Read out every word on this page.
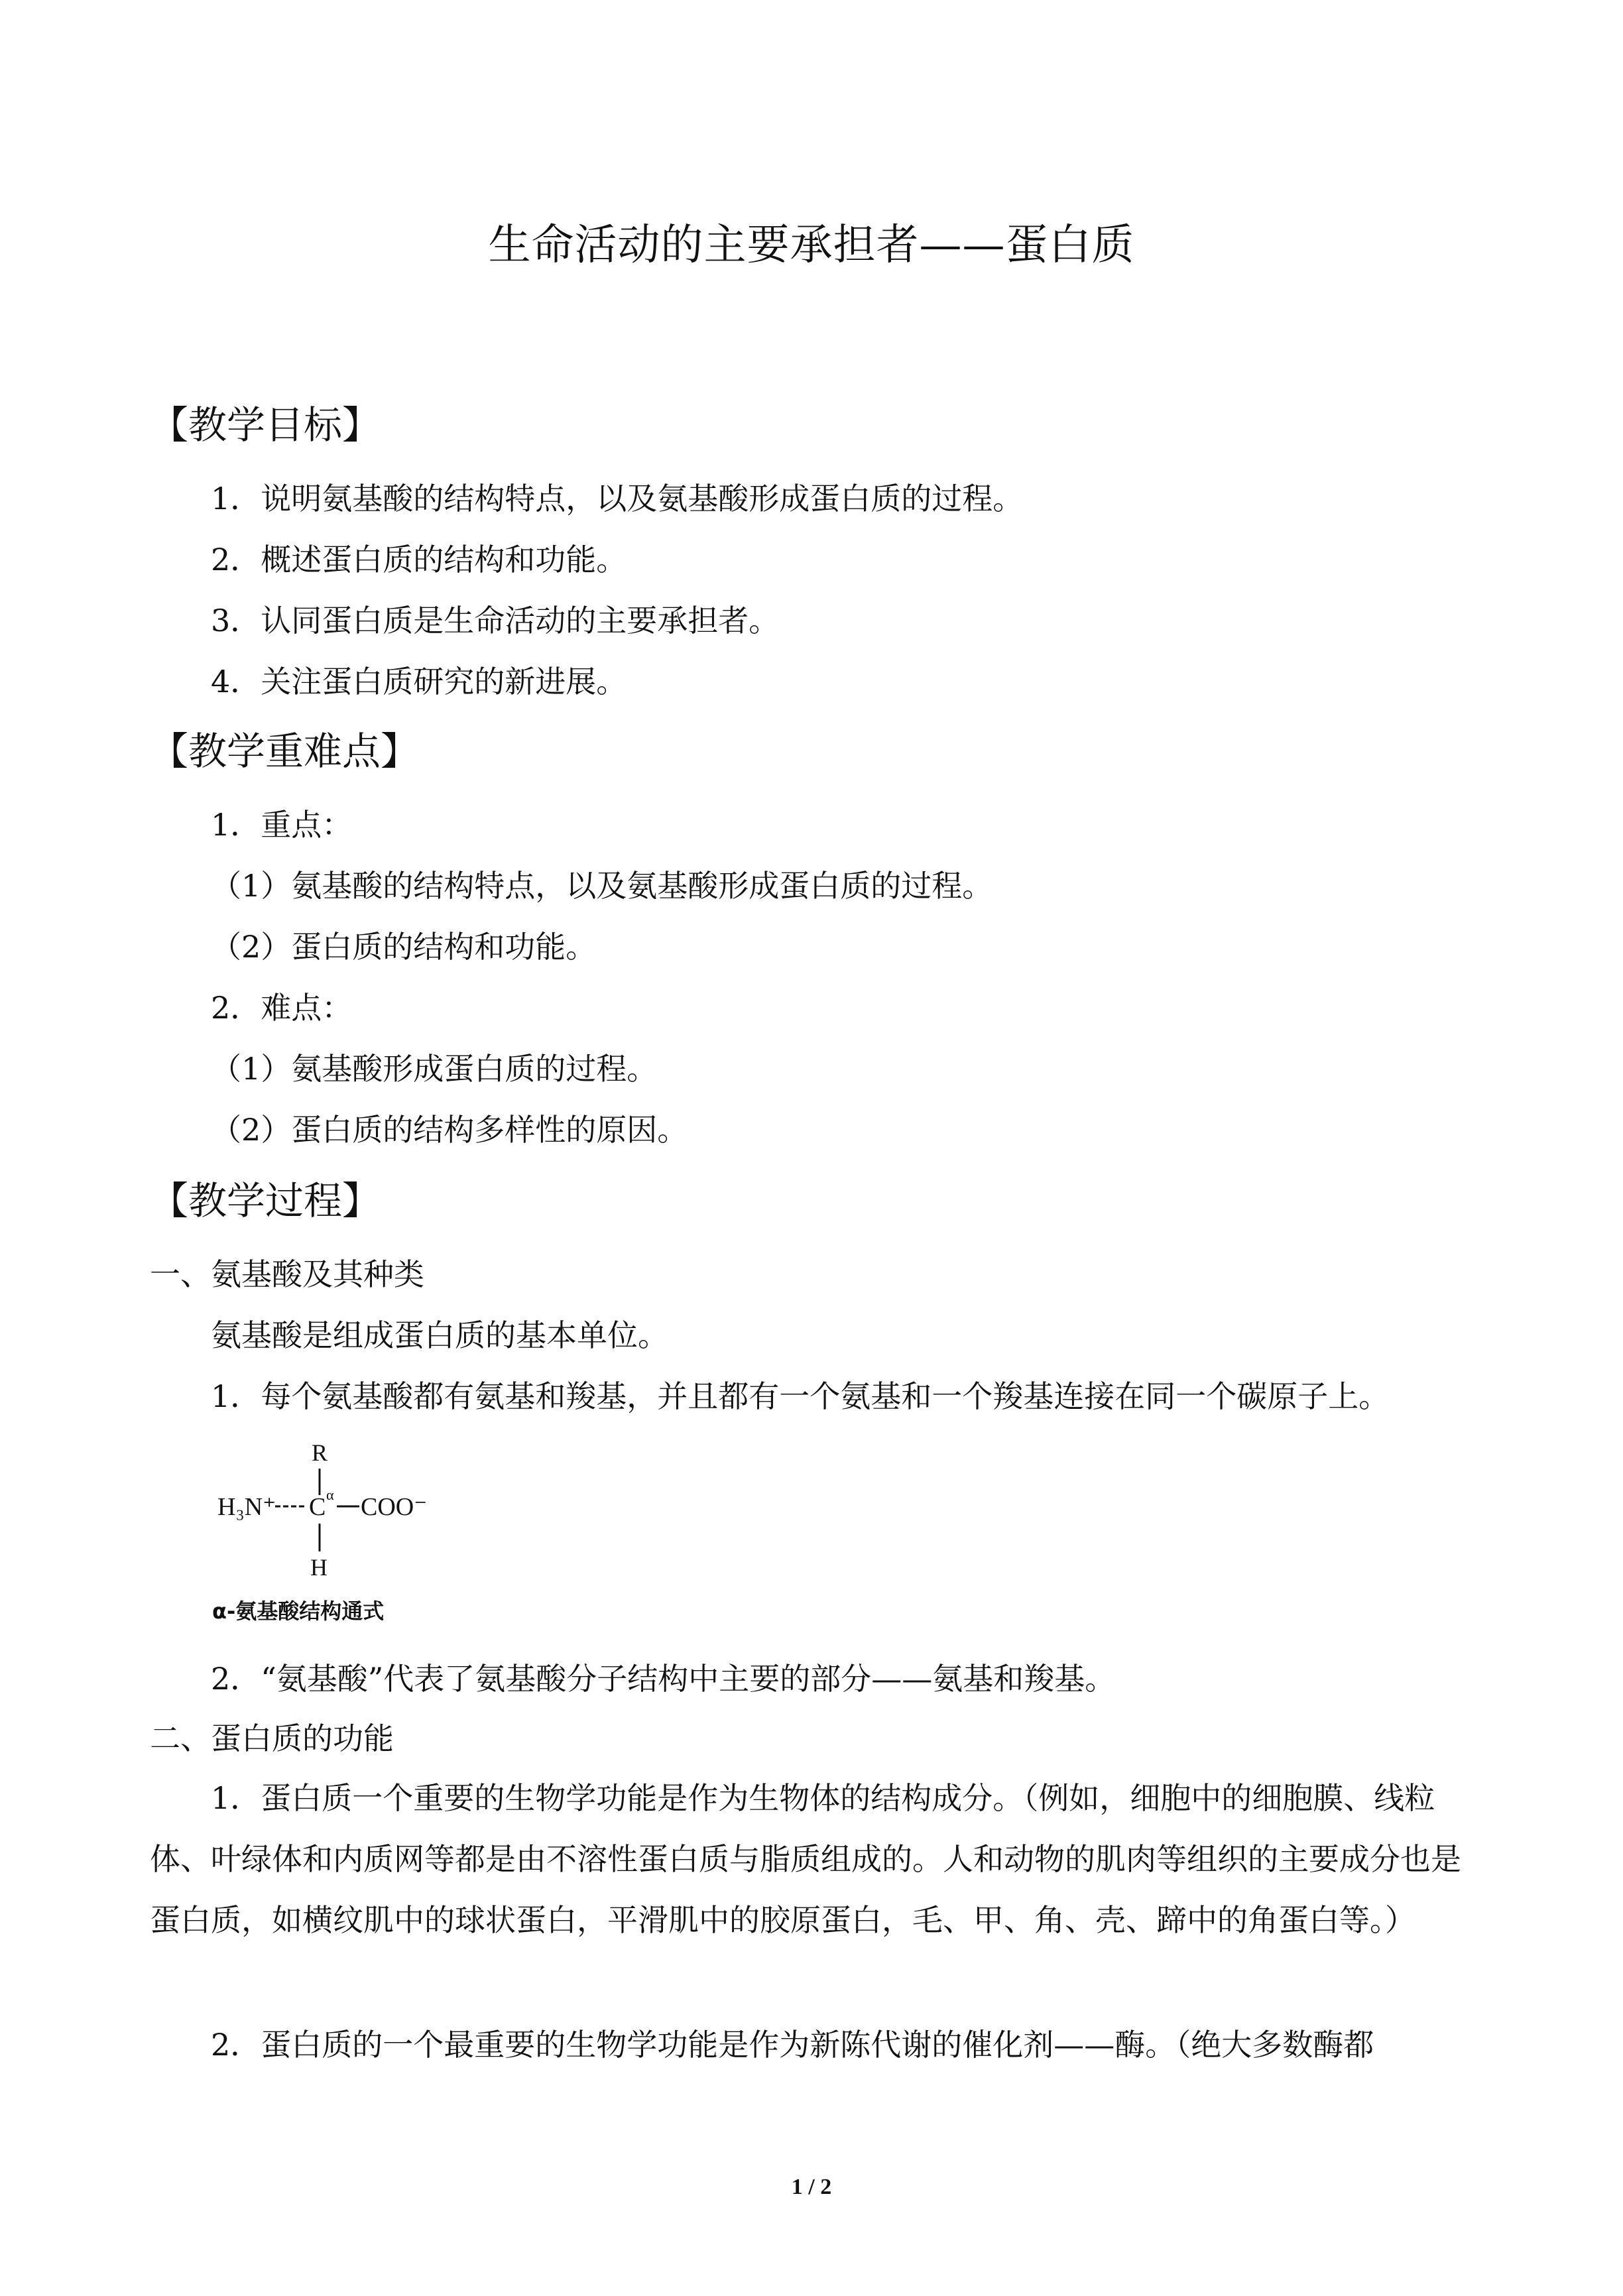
生命活动的主要承担者——蛋白质
【教学目标】
1．说明氨基酸的结构特点，以及氨基酸形成蛋白质的过程。
2．概述蛋白质的结构和功能。
3．认同蛋白质是生命活动的主要承担者。
4．关注蛋白质研究的新进展。
【教学重难点】
1．重点：
（1）氨基酸的结构特点，以及氨基酸形成蛋白质的过程。
（2）蛋白质的结构和功能。
2．难点：
（1）氨基酸形成蛋白质的过程。
（2）蛋白质的结构多样性的原因。
【教学过程】
一、氨基酸及其种类
氨基酸是组成蛋白质的基本单位。
1．每个氨基酸都有氨基和羧基，并且都有一个氨基和一个羧基连接在同一个碳原子上。
R
H₃N⁺ C α COO⁻
H
α-氨基酸结构通式
2．“氨基酸”代表了氨基酸分子结构中主要的部分——氨基和羧基。
二、蛋白质的功能
1．蛋白质一个重要的生物学功能是作为生物体的结构成分。（例如，细胞中的细胞膜、线粒体、叶绿体和内质网等都是由不溶性蛋白质与脂质组成的。人和动物的肌肉等组织的主要成分也是蛋白质，如横纹肌中的球状蛋白，平滑肌中的胶原蛋白，毛、甲、角、壳、蹄中的角蛋白等。）
2．蛋白质的一个最重要的生物学功能是作为新陈代谢的催化剂——酶。（绝大多数酶都
1 / 2
